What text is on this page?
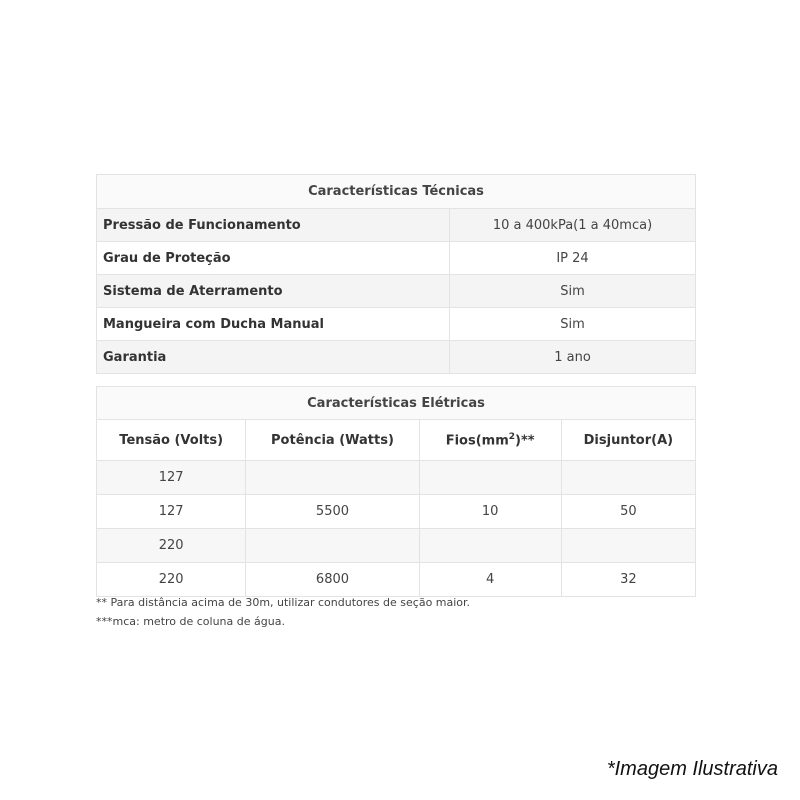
Características Técnicas	
Pressão de Funcionamento	10 a 400kPa(1 a 40mca)
Grau de Proteção	IP 24
Sistema de Aterramento	Sim
Mangueira com Ducha Manual	Sim
Garantia	1 ano
Características Elétricas			
Tensão (Volts)	Potência (Watts)	$Fios(mm^2)**$	Disjuntor(A)
127			
127	5500	10	50
220			
220	6800	4	32
** Para distância acima de 30m, utilizar condutores de seção maior.
***mca: metro de coluna de água.
*Imagem Ilustrativa
